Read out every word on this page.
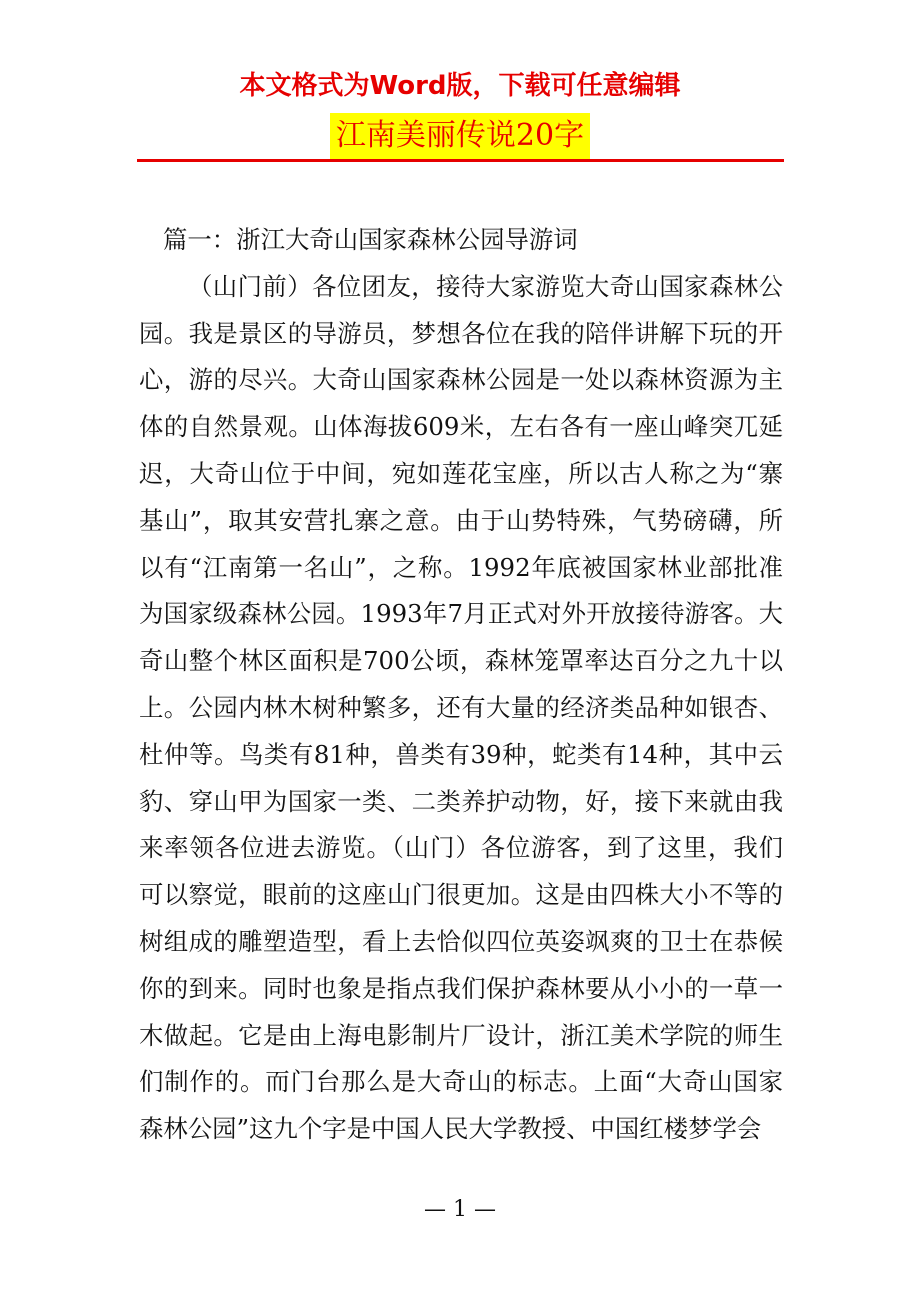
本文格式为Word版，下载可任意编辑
江南美丽传说20字

篇一：浙江大奇山国家森林公园导游词

（山门前）各位团友，接待大家游览大奇山国家森林公园。我是景区的导游员，梦想各位在我的陪伴讲解下玩的开心，游的尽兴。大奇山国家森林公园是一处以森林资源为主体的自然景观。山体海拔609米，左右各有一座山峰突兀延迟，大奇山位于中间，宛如莲花宝座，所以古人称之为“寨基山”，取其安营扎寨之意。由于山势特殊，气势磅礴，所以有“江南第一名山”，之称。1992年底被国家林业部批准为国家级森林公园。1993年7月正式对外开放接待游客。大奇山整个林区面积是700公顷，森林笼罩率达百分之九十以上。公园内林木树种繁多，还有大量的经济类品种如银杏、杜仲等。鸟类有81种，兽类有39种，蛇类有14种，其中云豹、穿山甲为国家一类、二类养护动物，好，接下来就由我来率领各位进去游览。（山门）各位游客，到了这里，我们可以察觉，眼前的这座山门很更加。这是由四株大小不等的树组成的雕塑造型，看上去恰似四位英姿飒爽的卫士在恭候你的到来。同时也象是指点我们保护森林要从小小的一草一木做起。它是由上海电影制片厂设计，浙江美术学院的师生们制作的。而门台那么是大奇山的标志。上面“大奇山国家森林公园”这九个字是中国人民大学教授、中国红楼梦学会

— 1 —
